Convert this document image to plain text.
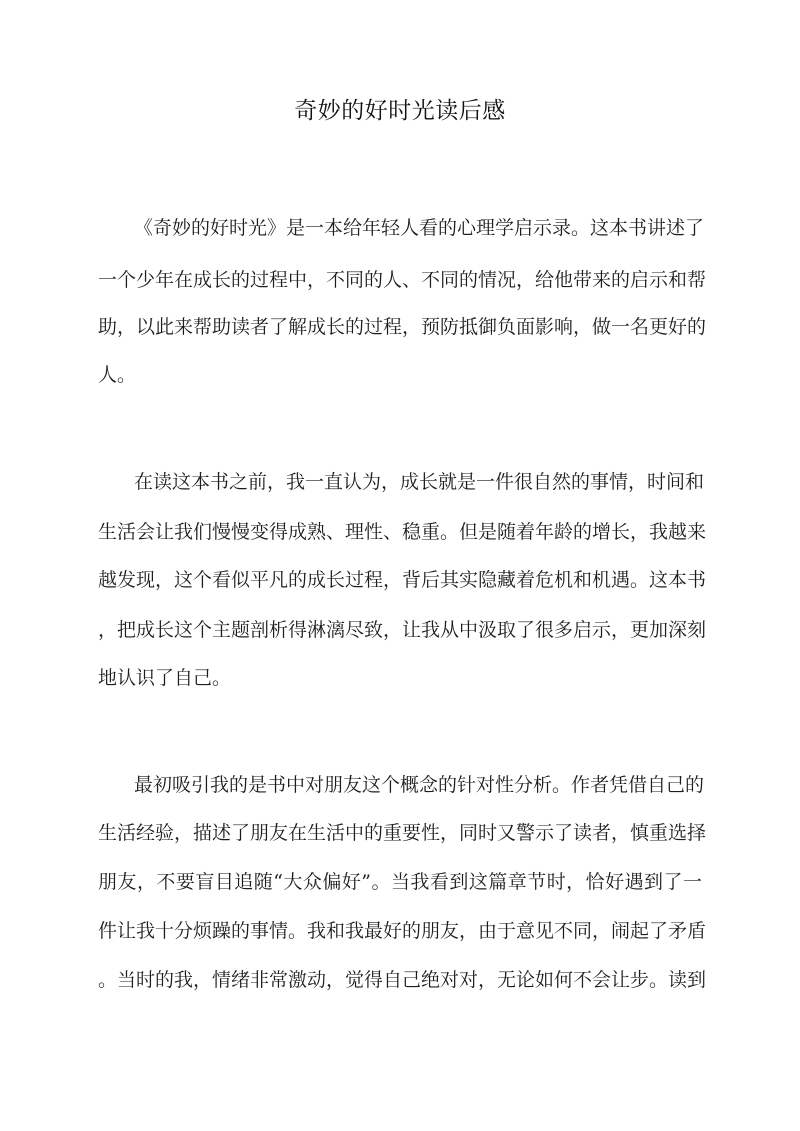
奇妙的好时光读后感
《奇妙的好时光》是一本给年轻人看的心理学启示录。这本书讲述了
一个少年在成长的过程中，不同的人、不同的情况，给他带来的启示和帮
助，以此来帮助读者了解成长的过程，预防抵御负面影响，做一名更好的
人。
在读这本书之前，我一直认为，成长就是一件很自然的事情，时间和
生活会让我们慢慢变得成熟、理性、稳重。但是随着年龄的增长，我越来
越发现，这个看似平凡的成长过程，背后其实隐藏着危机和机遇。这本书
，把成长这个主题剖析得淋漓尽致，让我从中汲取了很多启示，更加深刻
地认识了自己。
最初吸引我的是书中对朋友这个概念的针对性分析。作者凭借自己的
生活经验，描述了朋友在生活中的重要性，同时又警示了读者，慎重选择
朋友，不要盲目追随“大众偏好”。当我看到这篇章节时，恰好遇到了一
件让我十分烦躁的事情。我和我最好的朋友，由于意见不同，闹起了矛盾
。当时的我，情绪非常激动，觉得自己绝对对，无论如何不会让步。读到
